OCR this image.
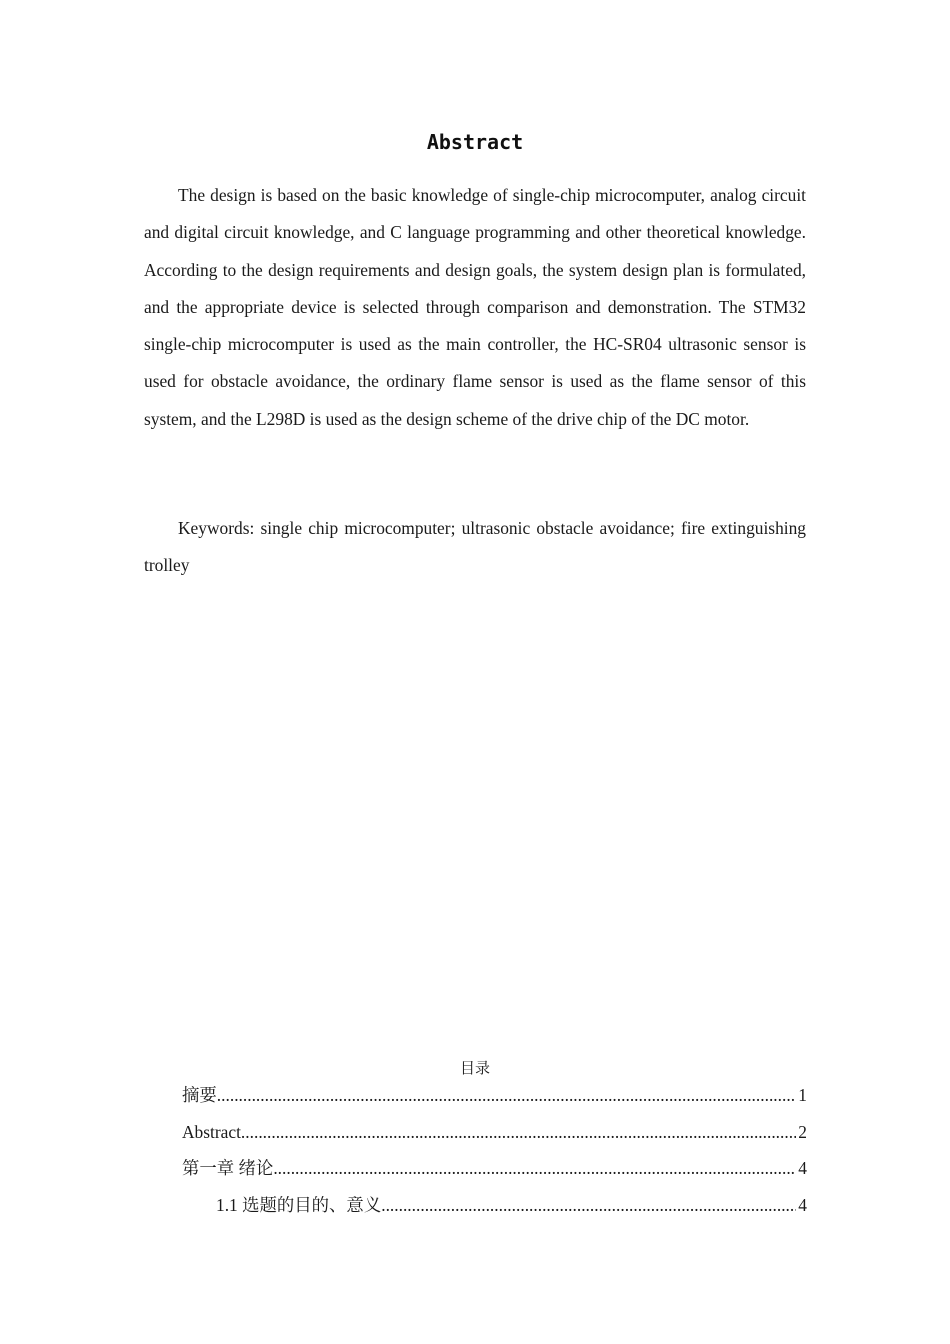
Abstract

The design is based on the basic knowledge of single-chip microcomputer, analog circuit and digital circuit knowledge, and C language programming and other theoretical knowledge. According to the design requirements and design goals, the system design plan is formulated, and the appropriate device is selected through comparison and demonstration. The STM32 single-chip microcomputer is used as the main controller, the HC-SR04 ultrasonic sensor is used for obstacle avoidance, the ordinary flame sensor is used as the flame sensor of this system, and the L298D is used as the design scheme of the drive chip of the DC motor.

Keywords: single chip microcomputer; ultrasonic obstacle avoidance; fire extinguishing trolley

目录
摘要 .....	1
Abstract .....	2
第一章 绪论 .....	4
1.1 选题的目的、意义 .....	4
